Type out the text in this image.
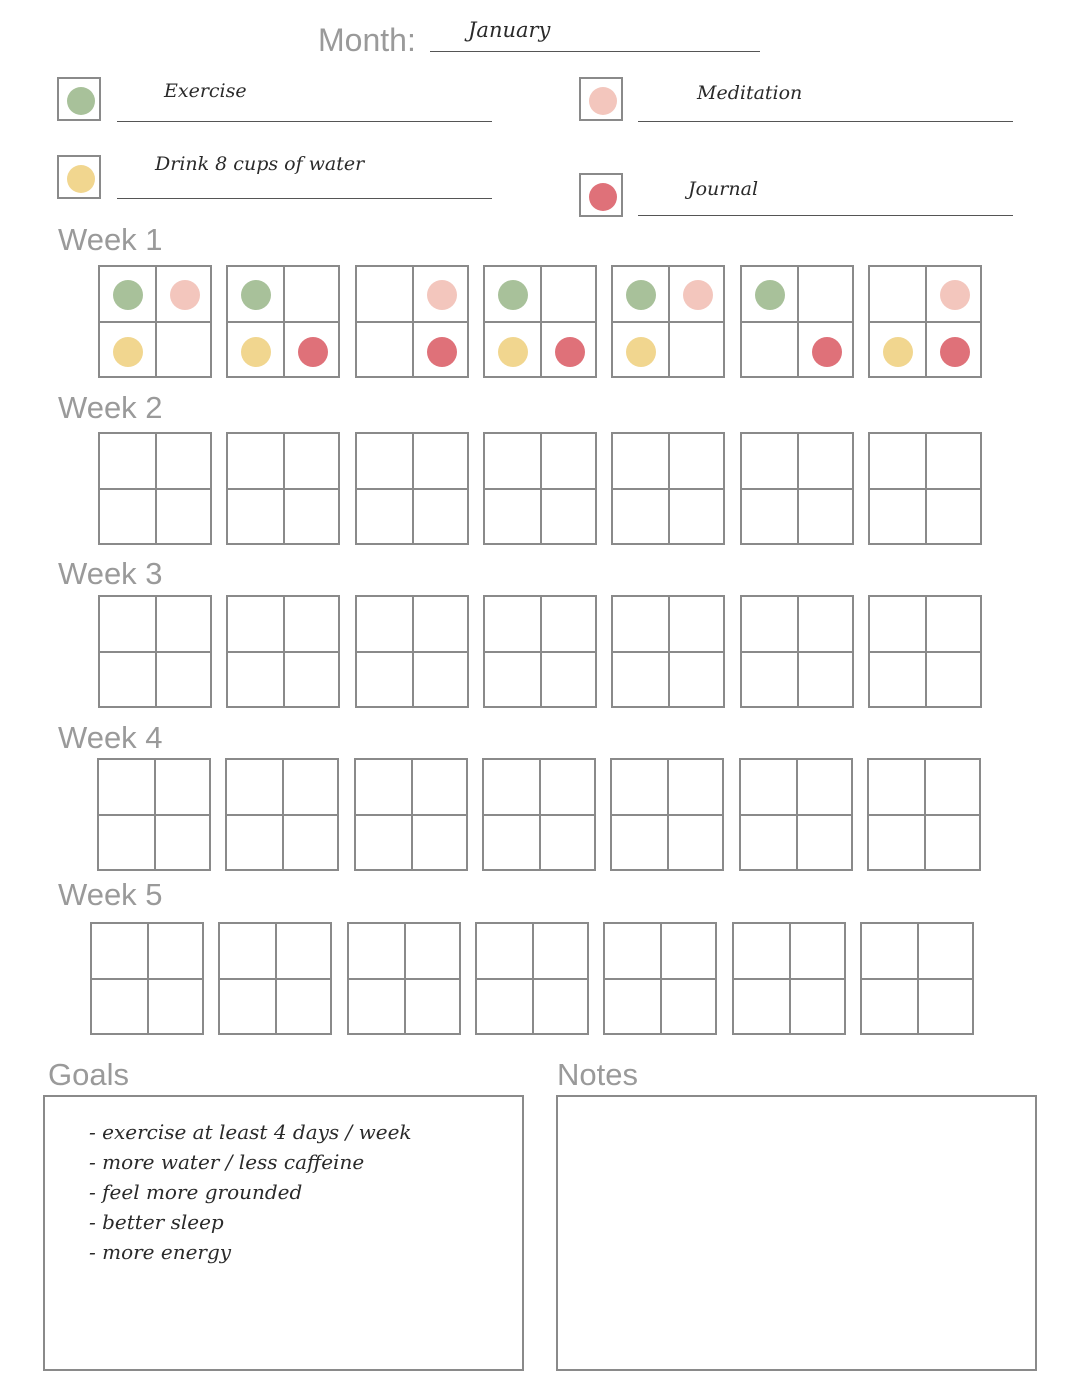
Month: January
Exercise	Meditation
Drink 8 cups of water
Journal
Week 1
Week 2
Week 3
Week 4
Week 5
Goals
- exercise at least 4 days / week
- more water / less caffeine
- feel more grounded
- better sleep
- more energy
Notes
